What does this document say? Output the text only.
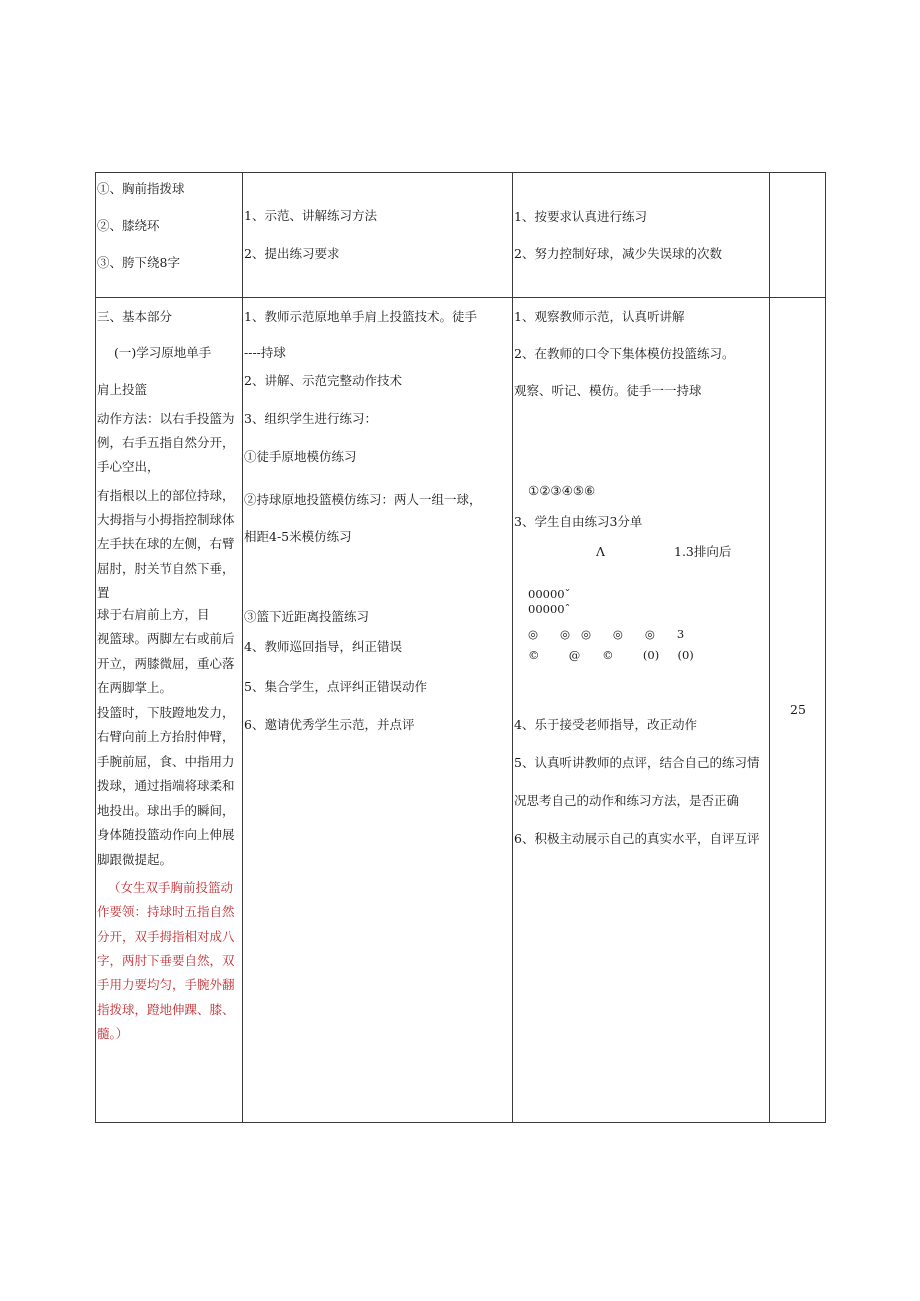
①、胸前指拨球
②、膝绕环
③、胯下绕8字
1、示范、讲解练习方法
2、提出练习要求
1、按要求认真进行练习
2、努力控制好球，减少失误球的次数
三、基本部分
(一)学习原地单手
肩上投篮
动作方法：以右手投篮为
例，右手五指自然分开，
手心空出，
有指根以上的部位持球，
大拇指与小拇指控制球体
左手扶在球的左侧，右臂
屈肘，肘关节自然下垂，
置
球于右肩前上方，目
视篮球。两脚左右或前后
开立，两膝微屈，重心落
在两脚掌上。
投篮时，下肢蹬地发力，
右臂向前上方抬肘伸臂，
手腕前屈，食、中指用力
拨球，通过指端将球柔和
地投出。球出手的瞬间，
身体随投篮动作向上伸展
脚跟微提起。
（女生双手胸前投篮动
作要领：持球时五指自然
分开，双手拇指相对成八
字，两肘下垂要自然，双
手用力要均匀，手腕外翻
指拨球，蹬地伸踝、膝、
髓。）
1、教师示范原地单手肩上投篮技术。徒手
----持球
2、讲解、示范完整动作技术
3、组织学生进行练习：
①徒手原地模仿练习
②持球原地投篮模仿练习：两人一组一球，
相距4-5米模仿练习
③篮下近距离投篮练习
4、教师巡回指导，纠正错误
5、集合学生，点评纠正错误动作
6、邀请优秀学生示范，并点评
1、观察教师示范，认真听讲解
2、在教师的口令下集体模仿投篮练习。
观察、听记、模仿。徒手一一持球
①②③④⑤⑥
3、学生自由练习3分单
Λ	1.3排向后
00000ˇ
00000ˆ
◎      ◎   ◎      ◎      ◎      3
©        @      ©        (0)     (0)
4、乐于接受老师指导，改正动作
5、认真听讲教师的点评，结合自己的练习情
况思考自己的动作和练习方法，是否正确
6、积极主动展示自己的真实水平，自评互评
25
